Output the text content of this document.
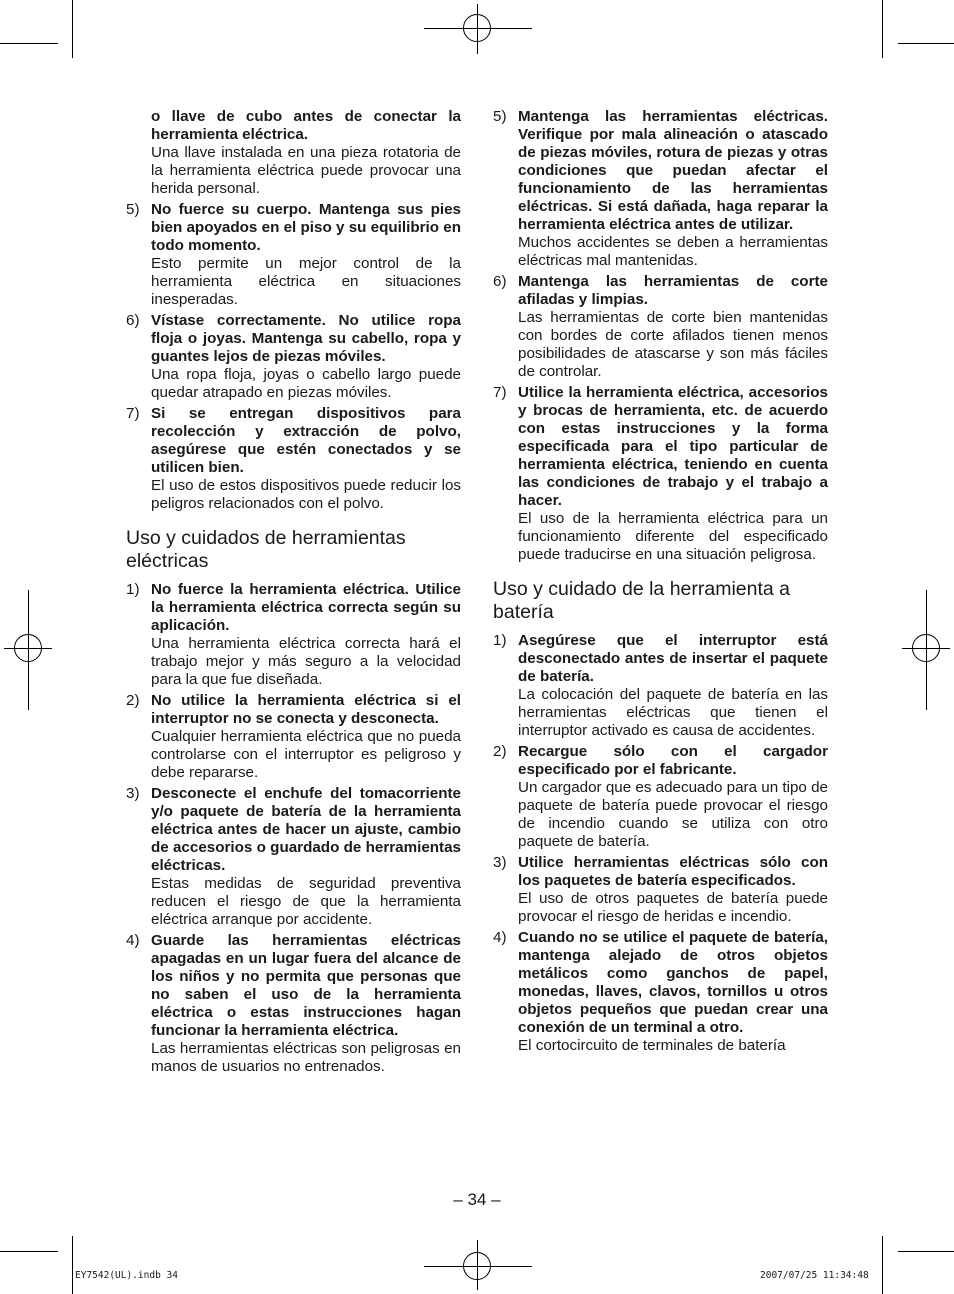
o llave de cubo antes de conectar la herramienta eléctrica.

Una llave instalada en una pieza rotatoria de la herramienta eléctrica puede provocar una herida personal.

5) No fuerce su cuerpo. Mantenga sus pies bien apoyados en el piso y su equilibrio en todo momento.

Esto permite un mejor control de la herramienta eléctrica en situaciones inesperadas.

6) Vístase correctamente. No utilice ropa floja o joyas. Mantenga su cabello, ropa y guantes lejos de piezas móviles.

Una ropa floja, joyas o cabello largo puede quedar atrapado en piezas móviles.

7) Si se entregan dispositivos para recolección y extracción de polvo, asegúrese que estén conectados y se utilicen bien.

El uso de estos dispositivos puede reducir los peligros relacionados con el polvo.

Uso y cuidados de herramientas eléctricas
1) No fuerce la herramienta eléctrica. Utilice la herramienta eléctrica correcta según su aplicación.

Una herramienta eléctrica correcta hará el trabajo mejor y más seguro a la velocidad para la que fue diseñada.

2) No utilice la herramienta eléctrica si el interruptor no se conecta y desconecta.

Cualquier herramienta eléctrica que no pueda controlarse con el interruptor es peligroso y debe repararse.

3) Desconecte el enchufe del tomacorriente y/o paquete de batería de la herramienta eléctrica antes de hacer un ajuste, cambio de accesorios o guardado de herramientas eléctricas.

Estas medidas de seguridad preventiva reducen el riesgo de que la herramienta eléctrica arranque por accidente.

4) Guarde las herramientas eléctricas apagadas en un lugar fuera del alcance de los niños y no permita que personas que no saben el uso de la herramienta eléctrica o estas instrucciones hagan funcionar la herramienta eléctrica.

Las herramientas eléctricas son peligrosas en manos de usuarios no entrenados.

5) Mantenga las herramientas eléctricas. Verifique por mala alineación o atascado de piezas móviles, rotura de piezas y otras condiciones que puedan afectar el funcionamiento de las herramientas eléctricas. Si está dañada, haga reparar la herramienta eléctrica antes de utilizar.

Muchos accidentes se deben a herramientas eléctricas mal mantenidas.

6) Mantenga las herramientas de corte afiladas y limpias.

Las herramientas de corte bien mantenidas con bordes de corte afilados tienen menos posibilidades de atascarse y son más fáciles de controlar.

7) Utilice la herramienta eléctrica, accesorios y brocas de herramienta, etc. de acuerdo con estas instrucciones y la forma especificada para el tipo particular de herramienta eléctrica, teniendo en cuenta las condiciones de trabajo y el trabajo a hacer.

El uso de la herramienta eléctrica para un funcionamiento diferente del especificado puede traducirse en una situación peligrosa.

Uso y cuidado de la herramienta a batería
1) Asegúrese que el interruptor está desconectado antes de insertar el paquete de batería.

La colocación del paquete de batería en las herramientas eléctricas que tienen el interruptor activado es causa de accidentes.

2) Recargue sólo con el cargador especificado por el fabricante.

Un cargador que es adecuado para un tipo de paquete de batería puede provocar el riesgo de incendio cuando se utiliza con otro paquete de batería.

3) Utilice herramientas eléctricas sólo con los paquetes de batería especificados.

El uso de otros paquetes de batería puede provocar el riesgo de heridas e incendio.

4) Cuando no se utilice el paquete de batería, mantenga alejado de otros objetos metálicos como ganchos de papel, monedas, llaves, clavos, tornillos u otros objetos pequeños que puedan crear una conexión de un terminal a otro.

El cortocircuito de terminales de batería

– 34 –
EY7542(UL).indb 34	2007/07/25 11:34:48
